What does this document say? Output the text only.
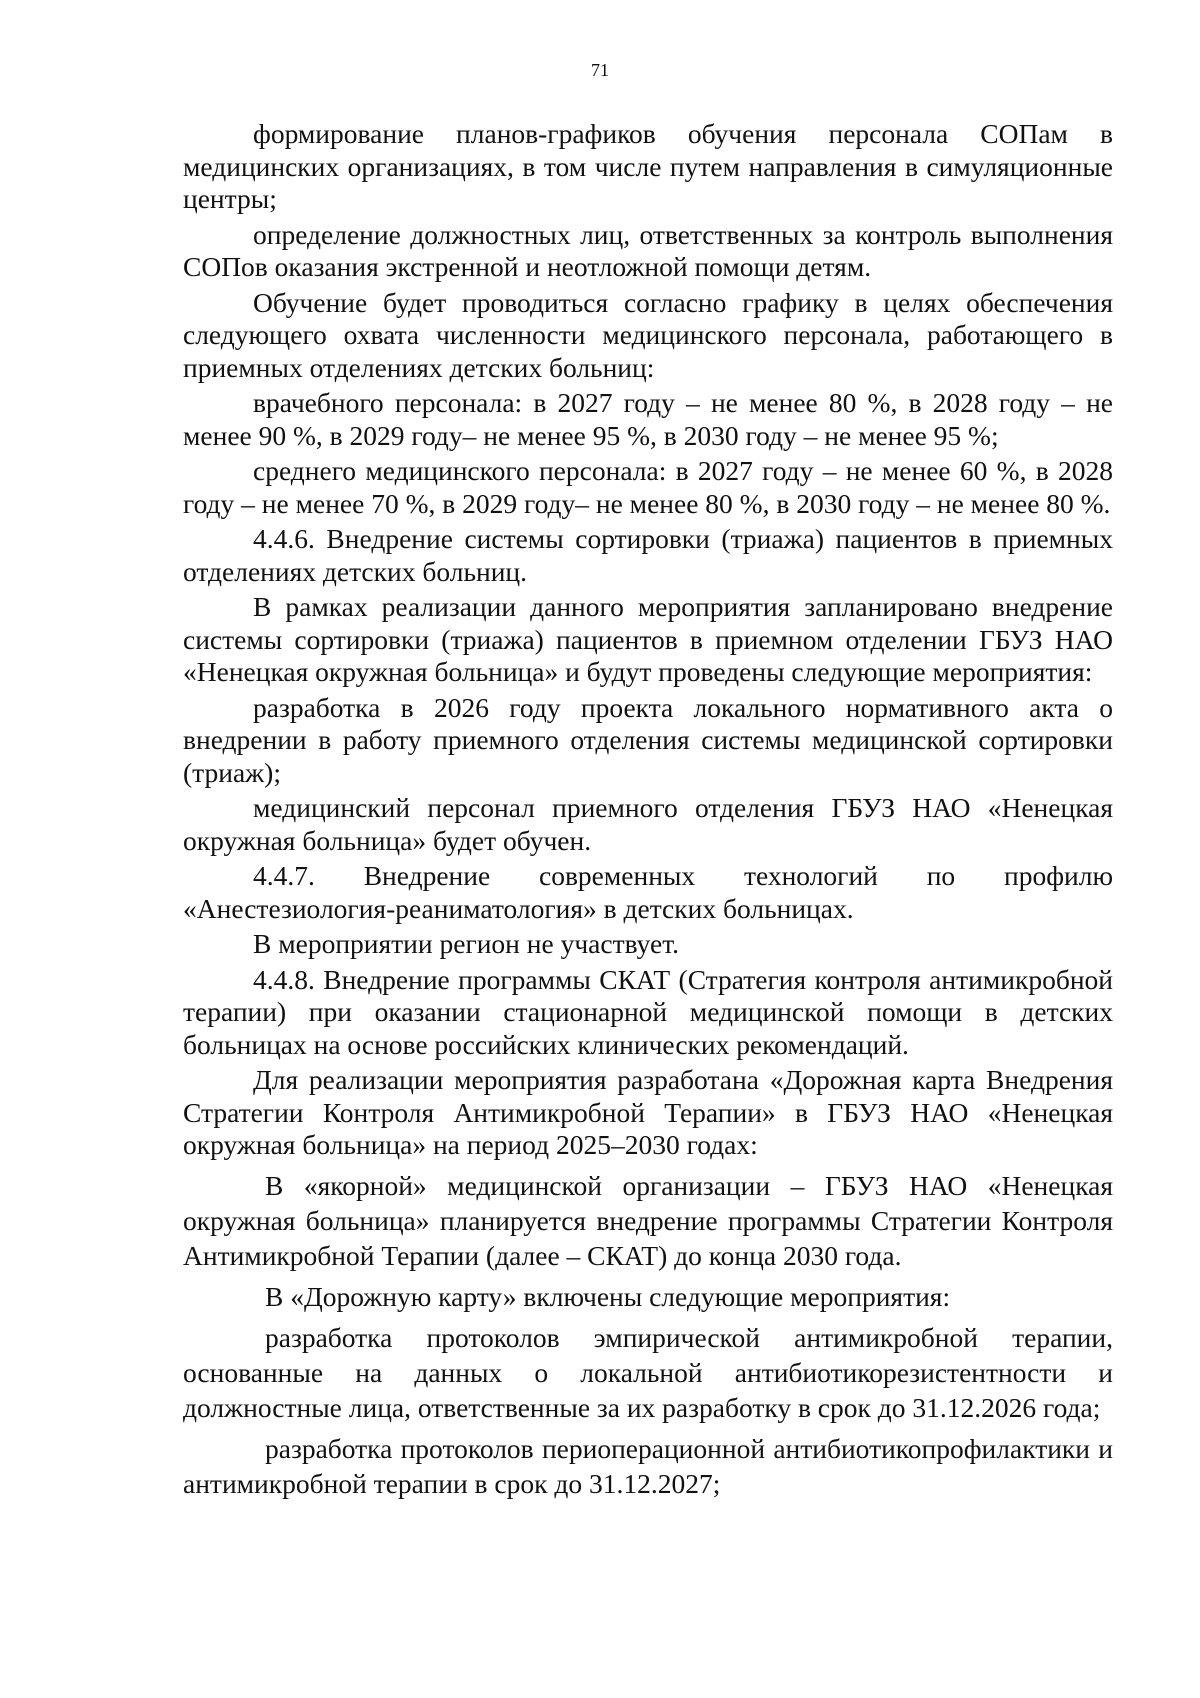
71

формирование планов-графиков обучения персонала СОПам в медицинских организациях, в том числе путем направления в симуляционные центры;

определение должностных лиц, ответственных за контроль выполнения СОПов оказания экстренной и неотложной помощи детям.

Обучение будет проводиться согласно графику в целях обеспечения следующего охвата численности медицинского персонала, работающего в приемных отделениях детских больниц:

врачебного персонала: в 2027 году – не менее 80 %, в 2028 году – не менее 90 %, в 2029 году– не менее 95 %, в 2030 году – не менее 95 %;

среднего медицинского персонала: в 2027 году – не менее 60 %, в 2028 году – не менее 70 %, в 2029 году– не менее 80 %, в 2030 году – не менее 80 %.

4.4.6. Внедрение системы сортировки (триажа) пациентов в приемных отделениях детских больниц.

В рамках реализации данного мероприятия запланировано внедрение системы сортировки (триажа) пациентов в приемном отделении ГБУЗ НАО «Ненецкая окружная больница» и будут проведены следующие мероприятия:

разработка в 2026 году проекта локального нормативного акта о внедрении в работу приемного отделения системы медицинской сортировки (триаж);

медицинский персонал приемного отделения ГБУЗ НАО «Ненецкая окружная больница» будет обучен.

4.4.7. Внедрение современных технологий по профилю «Анестезиология-реаниматология» в детских больницах.

В мероприятии регион не участвует.

4.4.8. Внедрение программы СКАТ (Стратегия контроля антимикробной терапии) при оказании стационарной медицинской помощи в детских больницах на основе российских клинических рекомендаций.

Для реализации мероприятия разработана «Дорожная карта Внедрения Стратегии Контроля Антимикробной Терапии» в ГБУЗ НАО «Ненецкая окружная больница» на период 2025–2030 годах:

В «якорной» медицинской организации – ГБУЗ НАО «Ненецкая окружная больница» планируется внедрение программы Стратегии Контроля Антимикробной Терапии (далее – СКАТ) до конца 2030 года.

В «Дорожную карту» включены следующие мероприятия:

разработка протоколов эмпирической антимикробной терапии, основанные на данных о локальной антибиотикорезистентности и должностные лица, ответственные за их разработку в срок до 31.12.2026 года;

разработка протоколов периоперационной антибиотикопрофилактики и антимикробной терапии в срок до 31.12.2027;
